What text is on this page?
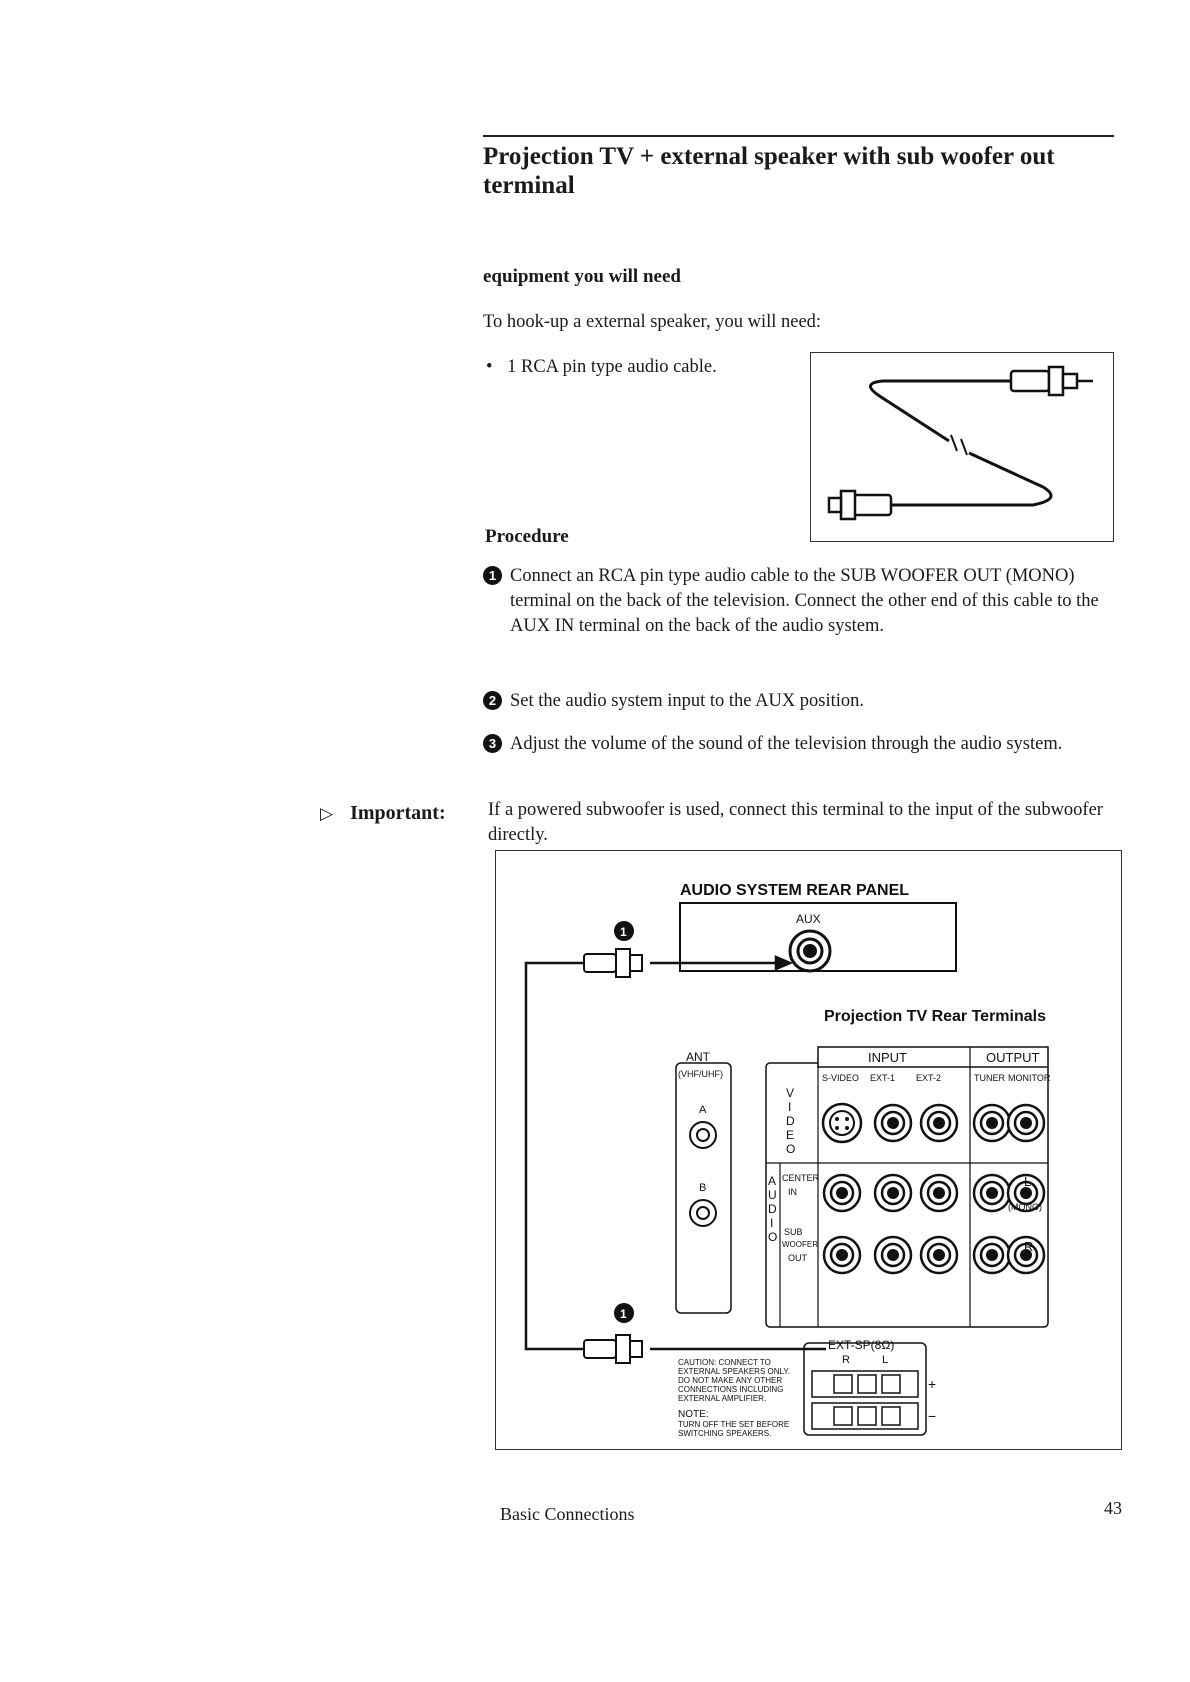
Projection TV + external speaker with sub woofer out terminal
equipment you will need
To hook-up a external speaker, you will need:
• 1 RCA pin type audio cable.
Procedure
1 Connect an RCA pin type audio cable to the SUB WOOFER OUT (MONO) terminal on the back of the television. Connect the other end of this cable to the AUX IN terminal on the back of the audio system.
2 Set the audio system input to the AUX position.
3 Adjust the volume of the sound of the television through the audio system.
▷ Important: If a powered subwoofer is used, connect this terminal to the input of the subwoofer directly.
AUDIO SYSTEM REAR PANEL
AUX
1
1
Projection TV Rear Terminals
ANT
(VHF/UHF)
A
B
INPUT	OUTPUT
S-VIDEO EXT-1 EXT-2	TUNER MONITOR
V
I
D
E
O
A
U
D
I
O
CENTER
IN
SUB
WOOFER
OUT
L
(MONO)
R
EXT-SP(8Ω)
R	L
+
−
CAUTION: CONNECT TO
EXTERNAL SPEAKERS ONLY.
DO NOT MAKE ANY OTHER
CONNECTIONS INCLUDING
EXTERNAL AMPLIFIER.
NOTE:
TURN OFF THE SET BEFORE
SWITCHING SPEAKERS.
Basic Connections	43
